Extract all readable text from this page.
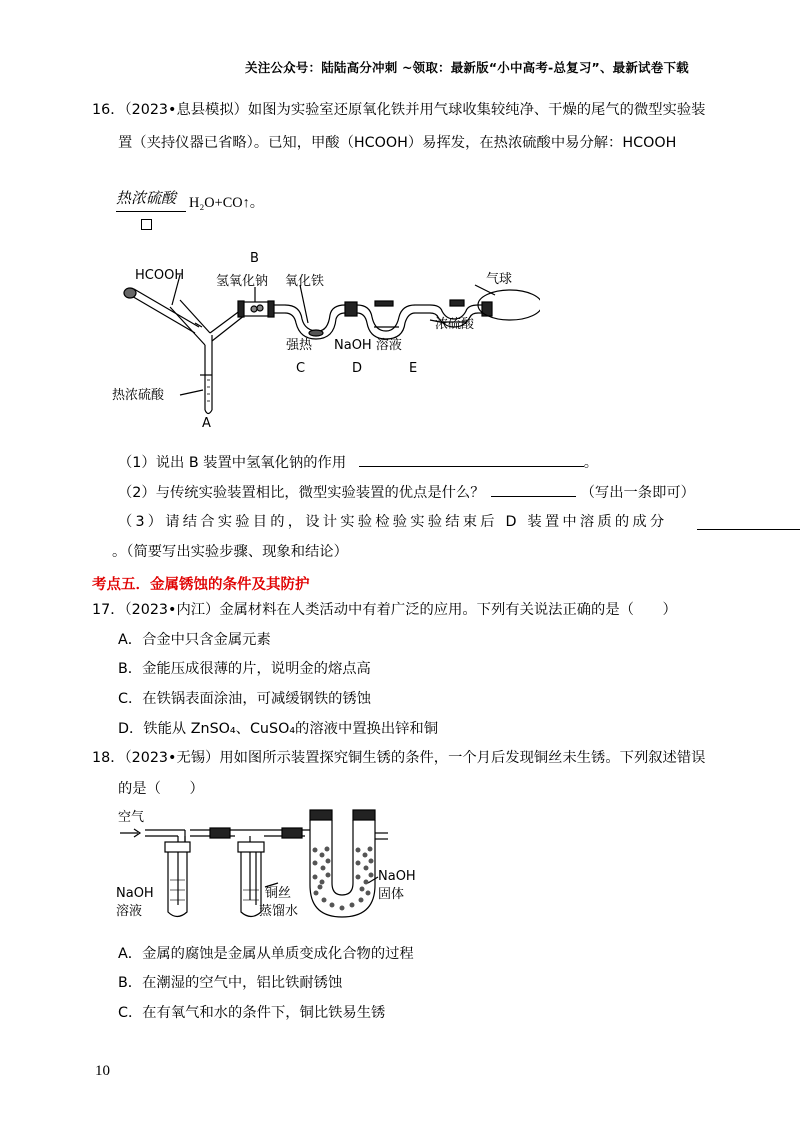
关注公众号：陆陆高分冲刺 ~领取：最新版“小中高考-总复习”、最新试卷下载
16．（2023•息县模拟）如图为实验室还原氧化铁并用气球收集较纯净、干燥的尾气的微型实验装
置（夹持仪器已省略）。已知，甲酸（HCOOH）易挥发，在热浓硫酸中易分解：HCOOH
热浓硫酸 H₂O+CO↑。
B
HCOOH 氢氧化钠 氧化铁	气球
强热 NaOH 溶液
浓硫酸
C	D	E
热浓硫酸
A
（1）说出 B 装置中氢氧化钠的作用	。
（2）与传统实验装置相比，微型实验装置的优点是什么？	（写出一条即可）
（3）请结合实验目的，设计实验检验实验结束后 D 装置中溶质的成分
。（简要写出实验步骤、现象和结论）
考点五．金属锈蚀的条件及其防护
17．（2023•内江）金属材料在人类活动中有着广泛的应用。下列有关说法正确的是（　　）
A．合金中只含金属元素
B．金能压成很薄的片，说明金的熔点高
C．在铁锅表面涂油，可减缓钢铁的锈蚀
D．铁能从 ZnSO₄、CuSO₄的溶液中置换出锌和铜
18．（2023•无锡）用如图所示装置探究铜生锈的条件，一个月后发现铜丝未生锈。下列叙述错误
的是（　　）
空气
NaOH
溶液
铜丝
蒸馏水
NaOH
固体
A．金属的腐蚀是金属从单质变成化合物的过程
B．在潮湿的空气中，铝比铁耐锈蚀
C．在有氧气和水的条件下，铜比铁易生锈
10
